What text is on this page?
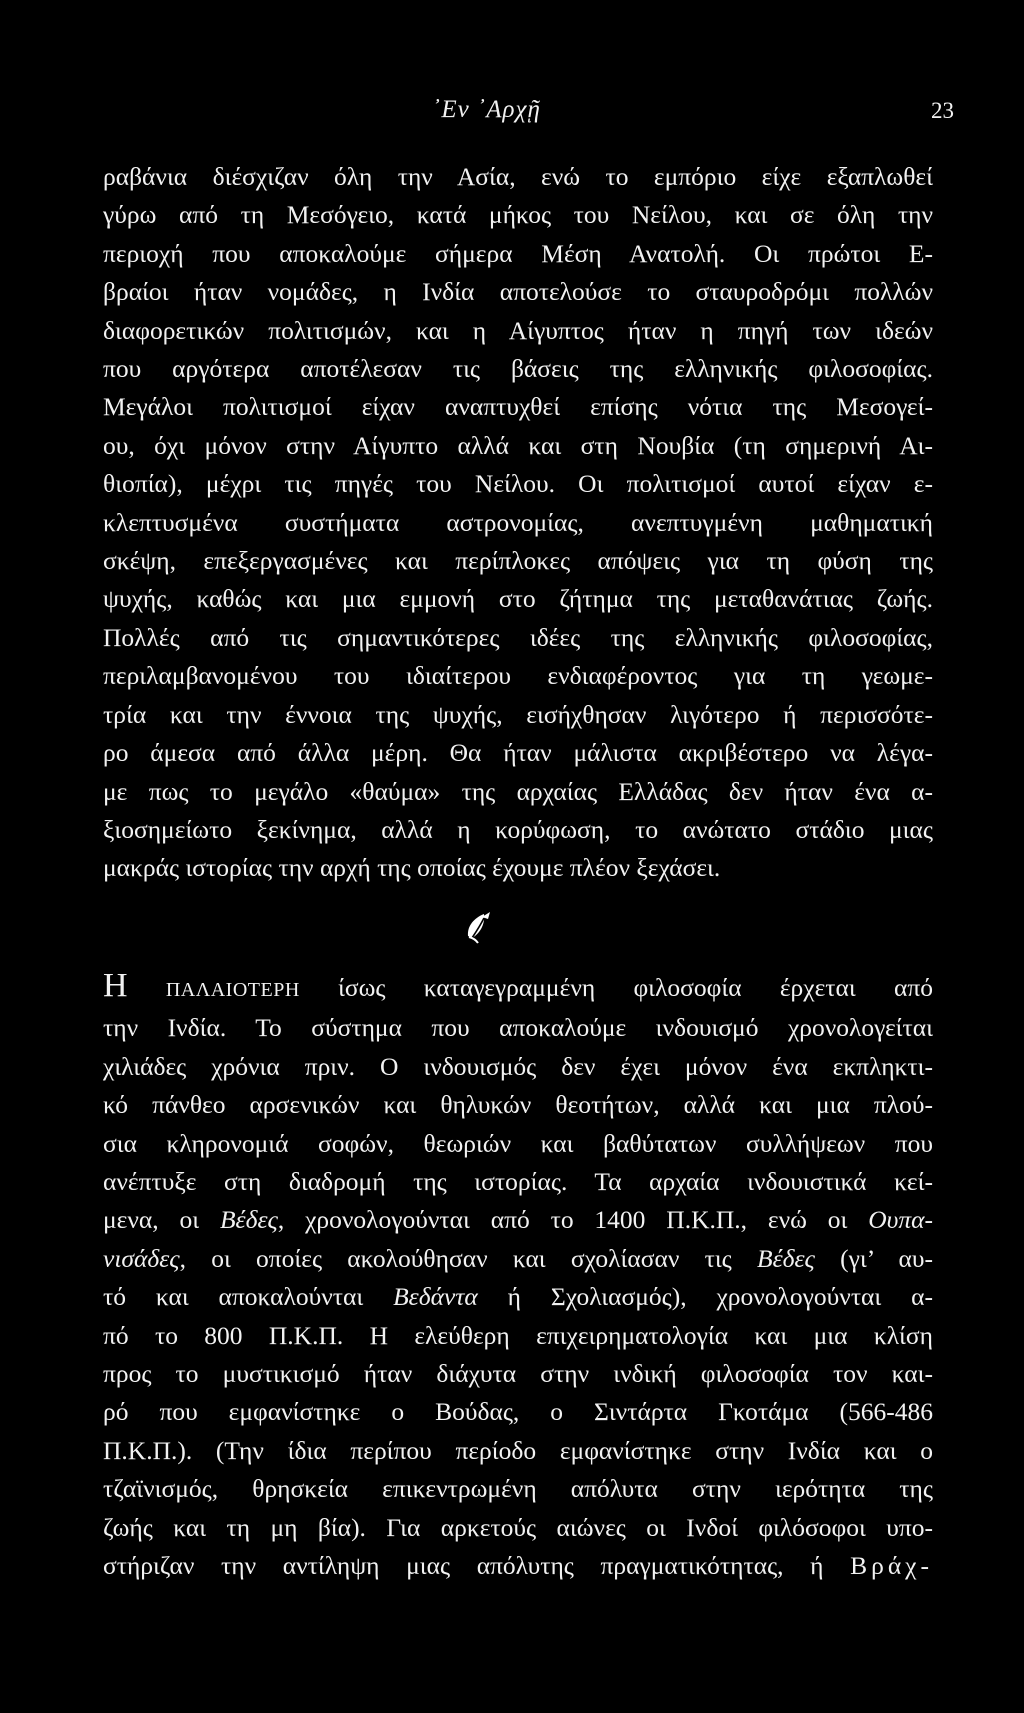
᾿Εν ᾿Αρχῇ	23
ραβάνια διέσχιζαν όλη την Ασία, ενώ το εμπόριο είχε εξαπλωθεί
γύρω από τη Μεσόγειο, κατά μήκος του Νείλου, και σε όλη την
περιοχή που αποκαλούμε σήμερα Μέση Ανατολή. Οι πρώτοι Ε-
βραίοι ήταν νομάδες, η Ινδία αποτελούσε το σταυροδρόμι πολλών
διαφορετικών πολιτισμών, και η Αίγυπτος ήταν η πηγή των ιδεών
που αργότερα αποτέλεσαν τις βάσεις της ελληνικής φιλοσοφίας.
Μεγάλοι πολιτισμοί είχαν αναπτυχθεί επίσης νότια της Μεσογεί-
ου, όχι μόνον στην Αίγυπτο αλλά και στη Νουβία (τη σημερινή Αι-
θιοπία), μέχρι τις πηγές του Νείλου. Οι πολιτισμοί αυτοί είχαν ε-
κλεπτυσμένα συστήματα αστρονομίας, ανεπτυγμένη μαθηματική
σκέψη, επεξεργασμένες και περίπλοκες απόψεις για τη φύση της
ψυχής, καθώς και μια εμμονή στο ζήτημα της μεταθανάτιας ζωής.
Πολλές από τις σημαντικότερες ιδέες της ελληνικής φιλοσοφίας,
περιλαμβανομένου του ιδιαίτερου ενδιαφέροντος για τη γεωμε-
τρία και την έννοια της ψυχής, εισήχθησαν λιγότερο ή περισσότε-
ρο άμεσα από άλλα μέρη. Θα ήταν μάλιστα ακριβέστερο να λέγα-
με πως το μεγάλο «θαύμα» της αρχαίας Ελλάδας δεν ήταν ένα α-
ξιοσημείωτο ξεκίνημα, αλλά η κορύφωση, το ανώτατο στάδιο μιας
μακράς ιστορίας την αρχή της οποίας έχουμε πλέον ξεχάσει.
Η ΠΑΛΑΙΟΤΕΡΗ ίσως καταγεγραμμένη φιλοσοφία έρχεται από
την Ινδία. Το σύστημα που αποκαλούμε ινδουισμό χρονολογείται
χιλιάδες χρόνια πριν. Ο ινδουισμός δεν έχει μόνον ένα εκπληκτι-
κό πάνθεο αρσενικών και θηλυκών θεοτήτων, αλλά και μια πλού-
σια κληρονομιά σοφών, θεωριών και βαθύτατων συλλήψεων που
ανέπτυξε στη διαδρομή της ιστορίας. Τα αρχαία ινδουιστικά κεί-
μενα, οι Βέδες, χρονολογούνται από το 1400 Π.Κ.Π., ενώ οι Ουπα-
νισάδες, οι οποίες ακολούθησαν και σχολίασαν τις Βέδες (γι’ αυ-
τό και αποκαλούνται Βεδάντα ή Σχολιασμός), χρονολογούνται α-
πό το 800 Π.Κ.Π. Η ελεύθερη επιχειρηματολογία και μια κλίση
προς το μυστικισμό ήταν διάχυτα στην ινδική φιλοσοφία τον και-
ρό που εμφανίστηκε ο Βούδας, ο Σιντάρτα Γκοτάμα (566-486
Π.Κ.Π.). (Την ίδια περίπου περίοδο εμφανίστηκε στην Ινδία και ο
τζαϊνισμός, θρησκεία επικεντρωμένη απόλυτα στην ιερότητα της
ζωής και τη μη βία). Για αρκετούς αιώνες οι Ινδοί φιλόσοφοι υπο-
στήριζαν την αντίληψη μιας απόλυτης πραγματικότητας, ή Βράχ-
